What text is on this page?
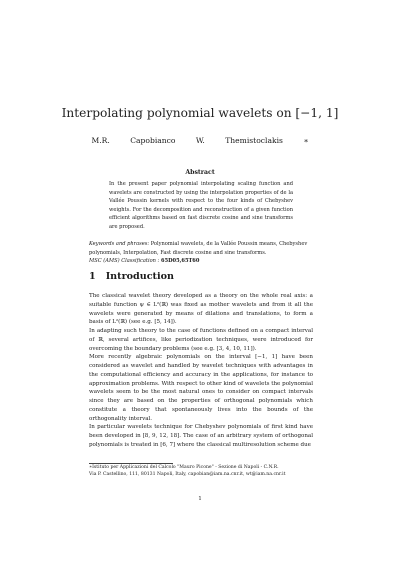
Interpolating polynomial wavelets on [−1, 1]
M.R. Capobianco W. Themistoclakis ∗
Abstract
In the present paper polynomial interpolating scaling function and wavelets are constructed by using the interpolation properties of de la Vallée Poussin kernels with respect to the four kinds of Chebyshev weights. For the decomposition and reconstruction of a given function efficient algorithms based on fast discrete cosine and sine transforms are proposed.
Keywords and phrases: Polynomial wavelets, de la Vallée Poussin means, Chebyshev polynomials, Interpolation, Fast discrete cosine and sine transforms.
MSC (AMS) Classification : 65D05,65T60
1 Introduction

The classical wavelet theory developed as a theory on the whole real axis: a suitable function ψ ∈ L²(ℝ) was fixed as mother wavelets and from it all the wavelets were generated by means of dilations and translations, to form a basis of L²(ℝ) (see e.g. [5, 14]).

In adapting such theory to the case of functions defined on a compact interval of ℝ, several artifices, like periodization techniques, were introduced for overcoming the boundary problems (see e.g. [3, 4, 10, 11]).

More recently algebraic polynomials on the interval [−1, 1] have been considered as wavelet and handled by wavelet techniques with advantages in the computational efficiency and accuracy in the applications, for instance to approximation problems. With respect to other kind of wavelets the polynomial wavelets seem to be the most natural ones to consider on compact intervals since they are based on the properties of orthogonal polynomials which constitute a theory that spontaneously lives into the bounds of the orthogonality interval.

In particular wavelets technique for Chebyshev polynomials of first kind have been developed in [8, 9, 12, 18]. The case of an arbitrary system of orthogonal polynomials is treated in [6, 7] where the classical multiresolution scheme due

∗Istituto per Applicazioni del Calcolo "Mauro Picone" - Sezione di Napoli - C.N.R.
Via P. Castellino, 111, 80131 Napoli, Italy, capobian@iam.na.cnr.it, wt@iam.na.cnr.it
1
